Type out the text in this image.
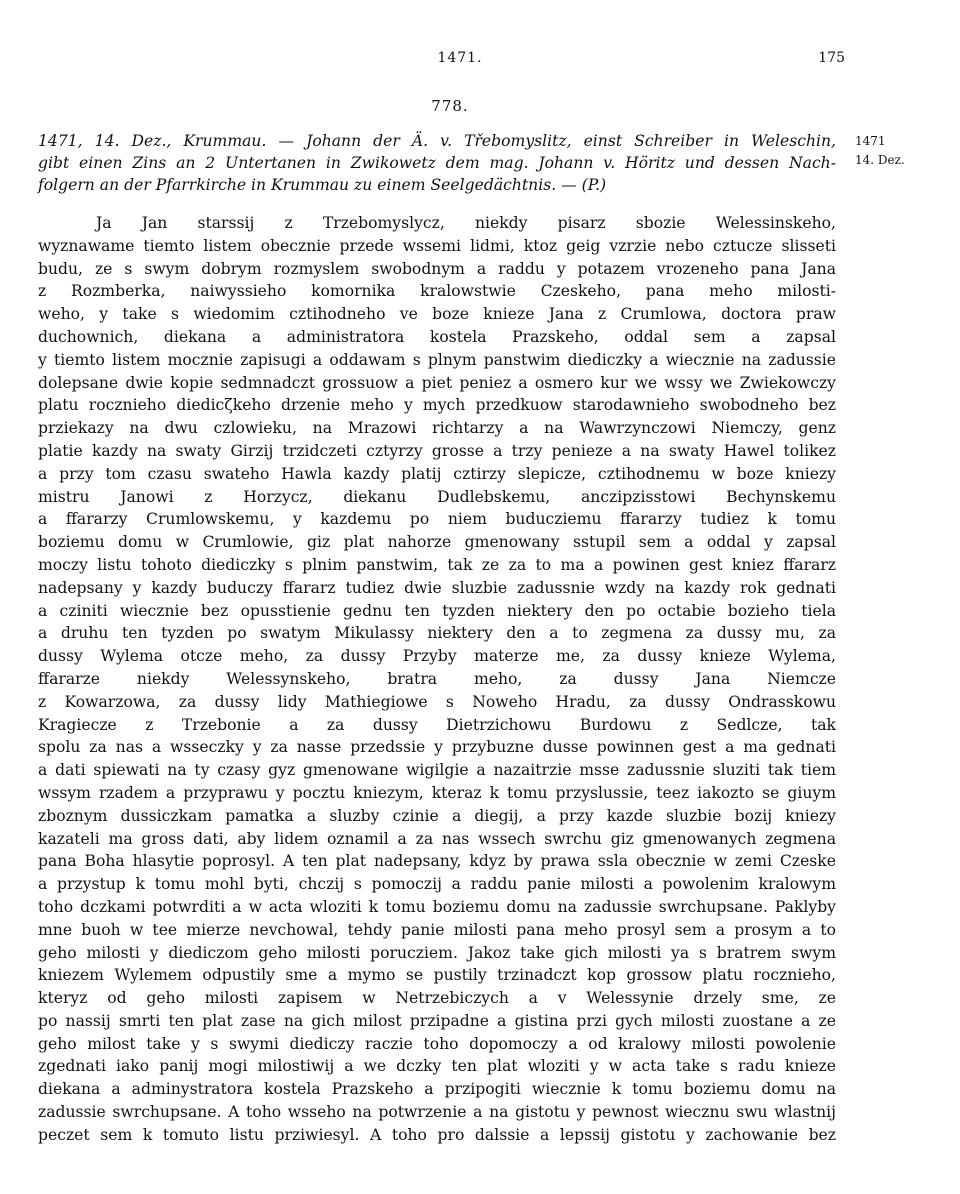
1471.	175
778.
1471, 14. Dez., Krummau. — Johann der Ä. v. Třebomyslitz, einst Schreiber in Weleschin,
gibt einen Zins an 2 Untertanen in Zwikowetz dem mag. Johann v. Höritz und dessen Nach-
folgern an der Pfarrkirche in Krummau zu einem Seelgedächtnis. — (P.)
1471
14. Dez.
Ja Jan starssij z Trzebomyslycz, niekdy pisarz sbozie Welessinskeho,
wyznawame tiemto listem obecznie przede wssemi lidmi, ktoz geig vzrzie nebo cztucze slisseti
budu, ze s swym dobrym rozmyslem swobodnym a raddu y potazem vrozeneho pana Jana
z Rozmberka, naiwyssieho komornika kralowstwie Czeskeho, pana meho milosti-
weho, y take s wiedomim cztihodneho ve boze knieze Jana z Crumlowa, doctora praw
duchownich, diekana a administratora kostela Prazskeho, oddal sem a zapsal
y tiemto listem mocznie zapisugi a oddawam s plnym panstwim diediczky a wiecznie na zadussie
dolepsane dwie kopie sedmnadczt grossuow a piet peniez a osmero kur we wssy we Zwiekowczy
platu roczniehο diedicζkeho drzenie meho y mych przedkuow starodawnieho swobodneho bez
przіekazy na dwu czlowieku, na Mrazowi richtarzy a na Wawrzynczowi Niemczy, genz
platie kazdy na swaty Girzij trzidczeti cztyrzy grosse a trzy penieze a na swaty Hawel tolikez
a przy tom czasu swateho Hawla kazdy platij cztirzy slepicze, cztihodnemu w boze kniezy
mistru Janowi z Horzycz, diekanu Dudlebskemu, anczipzisstowi Bechynskemu
a ffararzy Crumlowskemu, y kazdemu po niem buduczіemu ffararzy tudiez k tomu
boziemu domu w Crumlowie, giz plat nahorze gmenowany sstupil sem a oddal y zapsal
moczy listu tohoto diediczky s plnim panstwim, tak ze za to ma a powinen gest kniez ffararz
nadepsany y kazdy buduczy ffararz tudiez dwie sluzbie zadussnie wzdy na kazdy rok gednati
a cziniti wiecznie bez opusstienie gednu ten tyzden niektery den po octabie bozieho tiela
a druhu ten tyzden po swatym Mikulassy niektery den a to zegmena za dussy mu, za
dussy Wylema otcze meho, za dussy Przyby materze me, za dussy knieze Wylema,
ffararze niekdy Welessynskeho, bratra meho, za dussy Jana Niemcze
z Kowarzowa, za dussy lidy Mathiegiowe s Noweho Hradu, za dussy Ondrasskowu
Kragiecze z Trzebonie a za dussy Dietrzichowu Burdowu z Sedlcze, tak
spolu za nas a wsseczky y za nasse przedssie y przybuzne dusse powinnen gest a ma gednati
a dati spiewati na ty czasy gyz gmenowane wigilgie a nazaitrzie msse zadussnie sluziti tak tiem
wssym rzadem a przyprawu y pocztu kniezym, kteraz k tomu przyslussie, teez iakozto se giuym
zboznym dussiczkam pamatka a sluzby czinie a diegij, a przy kazde sluzbie bozij kniezy
kazateli ma gross dati, aby lidem oznamil a za nas wssech swrchu giz gmenowanych zegmena
pana Boha hlasytie poprosyl. A ten plat nadepsany, kdyz by prawa ssla obecznie w zemi Czeske
a przystup k tomu mohl byti, chczij s pomoczij a raddu panie milosti a powolenim kralowym
toho dczkami potwrditi a w acta wloziti k tomu boziemu domu na zadussie swrchupsane. Paklyby
mne buoh w tee mierze nevchowal, tehdy panie milosti pana meho prosyl sem a prosym a to
geho milosti y diediczom geho milosti poruczіem. Jakoz take gich milosti ya s bratrem swym
kniezem Wylemem odpustily sme a mymo se pustily trzinadczt kop grossow platu roczniehο,
kteryz od geho milosti zapisem w Netrzebiczych a v Welessynie drzely sme, ze
po nassij smrti ten plat zase na gich milost przipadne a gistina przi gych milosti zuostane a ze
geho milost take y s swymi diediczy raczie toho dopomoczy a od kralowy milosti powolenie
zgednati iako panij mogi milostiwij a we dczky ten plat wloziti y w acta take s radu knieze
diekana a adminystratora kostela Prazskeho a przipogiti wiecznie k tomu boziemu domu na
zadussie swrchupsane. A toho wsseho na potwrzenie a na gistotu y pewnost wiecznu swu wlastnij
peczet sem k tomuto listu przіwiesyl. A toho pro dalssie a lepssij gistotu y zachowanie bez
